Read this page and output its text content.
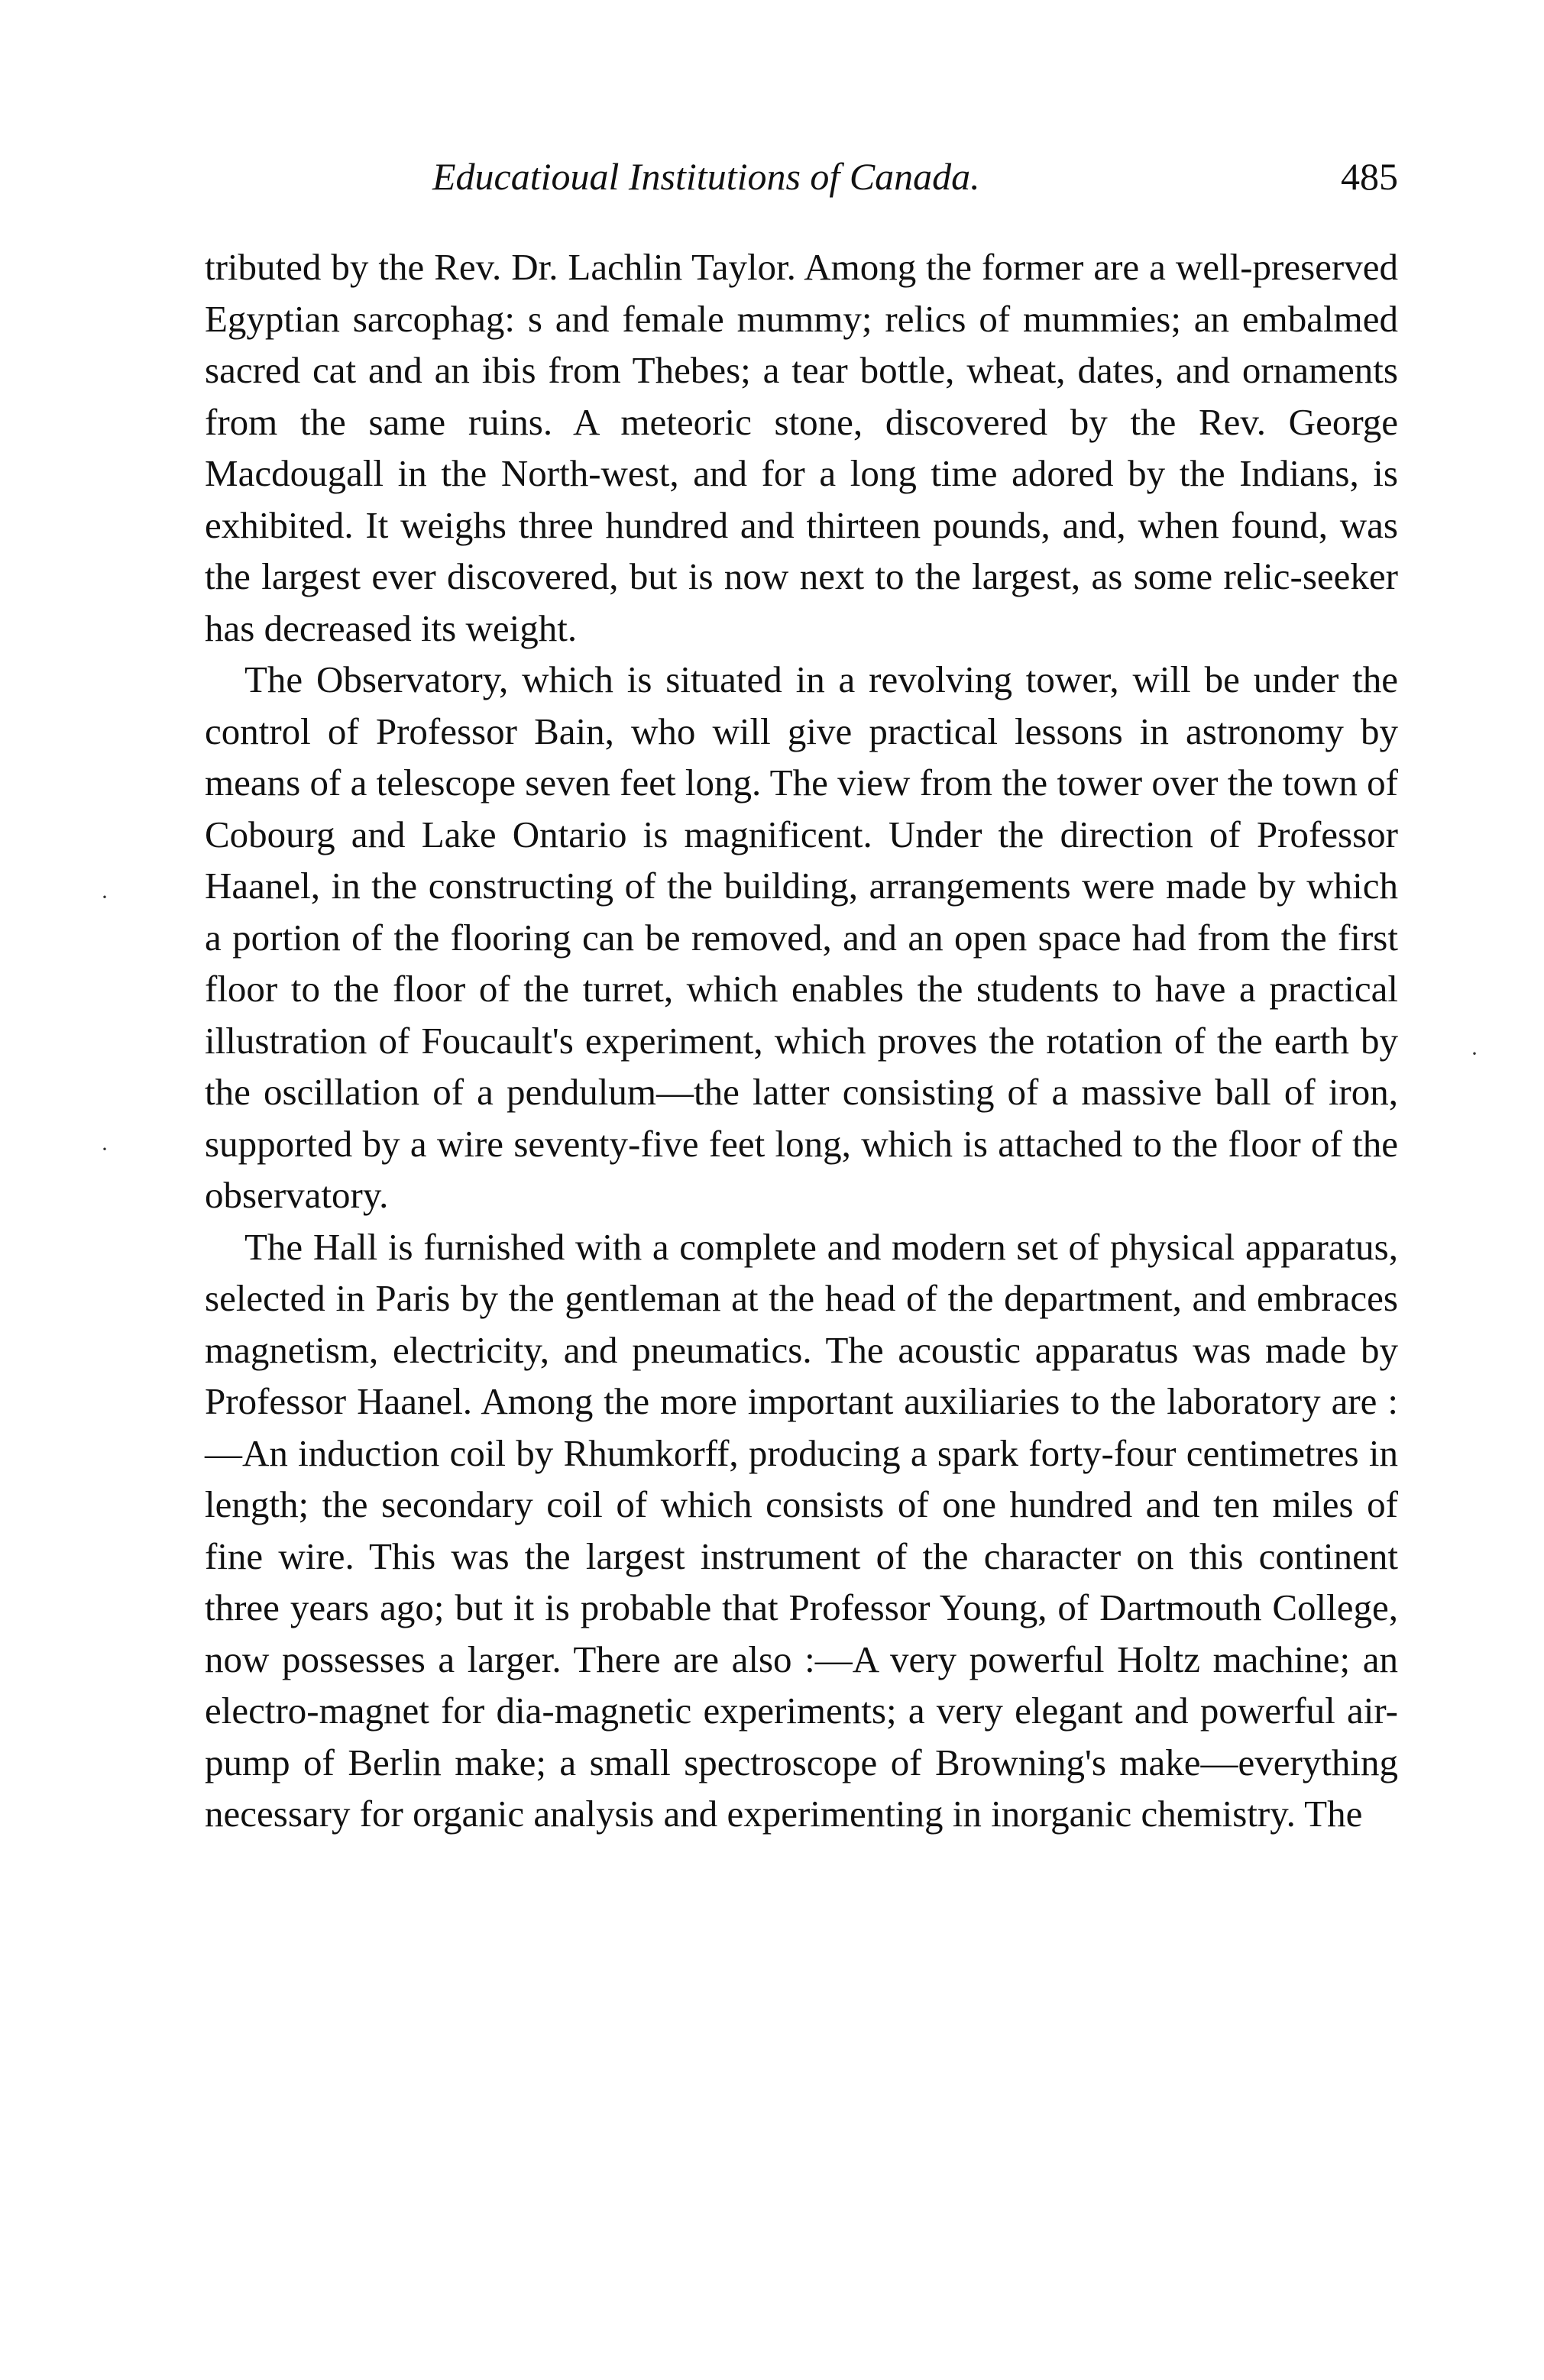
Educatioual Institutions of Canada.	485

tributed by the Rev. Dr. Lachlin Taylor. Among the former are a well-preserved Egyptian sarcophag: s and female mummy; relics of mummies; an embalmed sacred cat and an ibis from Thebes; a tear bottle, wheat, dates, and ornaments from the same ruins. A meteoric stone, discovered by the Rev. George Macdougall in the North-west, and for a long time adored by the Indians, is exhibited. It weighs three hundred and thirteen pounds, and, when found, was the largest ever discovered, but is now next to the largest, as some relic-seeker has decreased its weight.

The Observatory, which is situated in a revolving tower, will be under the control of Professor Bain, who will give practical lessons in astronomy by means of a telescope seven feet long. The view from the tower over the town of Cobourg and Lake Ontario is magnificent. Under the direction of Professor Haanel, in the constructing of the building, arrangements were made by which a portion of the flooring can be removed, and an open space had from the first floor to the floor of the turret, which enables the students to have a practical illustration of Foucault's experiment, which proves the rotation of the earth by the oscillation of a pendulum—the latter consisting of a massive ball of iron, supported by a wire seventy-five feet long, which is attached to the floor of the observatory.

The Hall is furnished with a complete and modern set of physical apparatus, selected in Paris by the gentleman at the head of the department, and embraces magnetism, electricity, and pneumatics. The acoustic apparatus was made by Professor Haanel. Among the more important auxiliaries to the laboratory are :—An induction coil by Rhumkorff, producing a spark forty-four centimetres in length; the secondary coil of which consists of one hundred and ten miles of fine wire. This was the largest instrument of the character on this continent three years ago; but it is probable that Professor Young, of Dartmouth College, now possesses a larger. There are also :—A very powerful Holtz machine; an electro-magnet for dia-magnetic experiments; a very elegant and powerful air-pump of Berlin make; a small spectroscope of Browning's make—everything necessary for organic analysis and experimenting in inorganic chemistry. The

·
·
·
